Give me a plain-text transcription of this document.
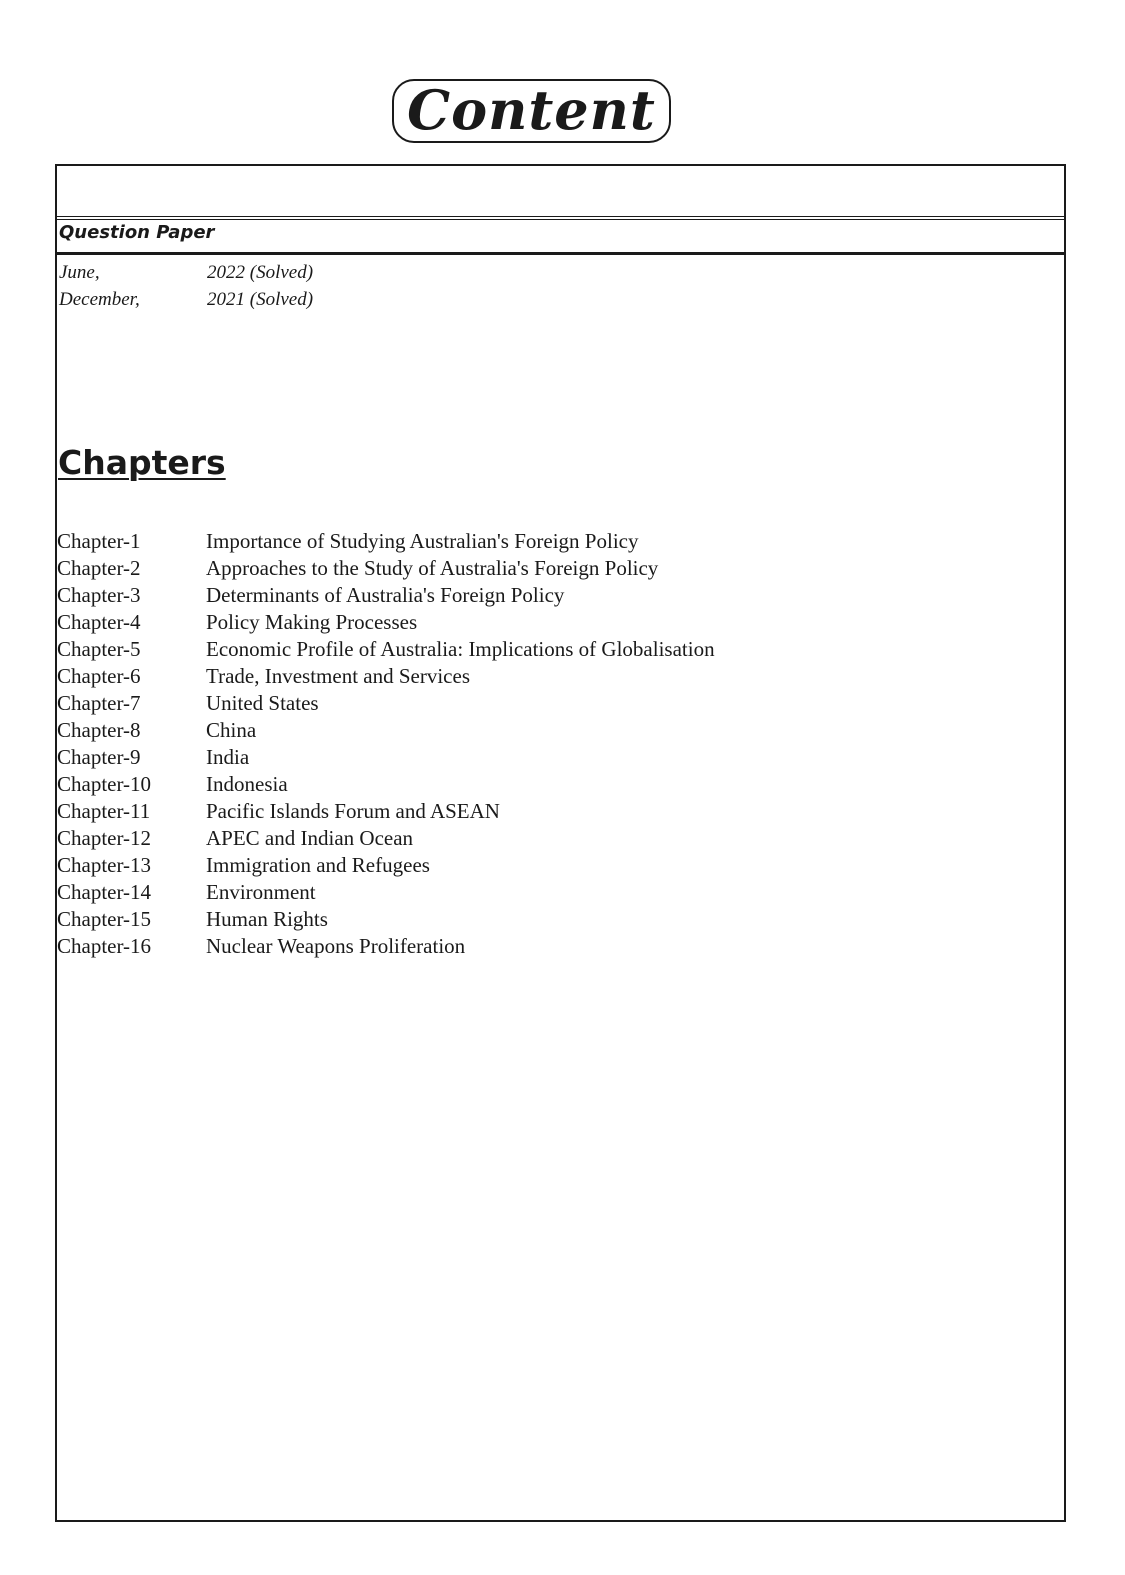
Content
Question Paper
June,	2022 (Solved)
December,	2021 (Solved)
Chapters
Chapter-1	Importance of Studying Australian's Foreign Policy
Chapter-2	Approaches to the Study of Australia's Foreign Policy
Chapter-3	Determinants of Australia's Foreign Policy
Chapter-4	Policy Making Processes
Chapter-5	Economic Profile of Australia: Implications of Globalisation
Chapter-6	Trade, Investment and Services
Chapter-7	United States
Chapter-8	China
Chapter-9	India
Chapter-10	Indonesia
Chapter-11	Pacific Islands Forum and ASEAN
Chapter-12	APEC and Indian Ocean
Chapter-13	Immigration and Refugees
Chapter-14	Environment
Chapter-15	Human Rights
Chapter-16	Nuclear Weapons Proliferation
